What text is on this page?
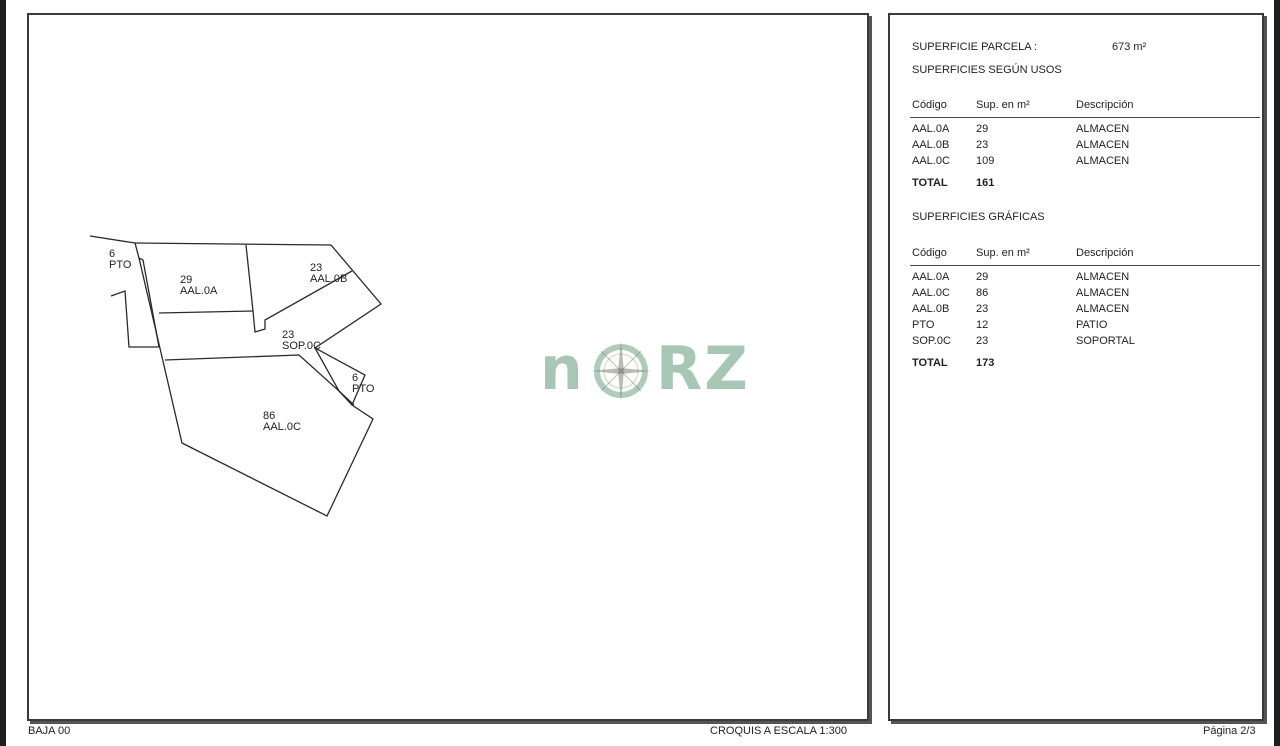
6
PTO
29
AAL.0A
23
AAL.0B
23
SOP.0C
6
PTO
86
AAL.0C
n RZ
SUPERFICIE PARCELA :	673 m²
SUPERFICIES SEGÚN USOS
Código	Sup. en m²	Descripción
AAL.0A 29	ALMACEN
AAL.0B 23	ALMACEN
AAL.0C 109	ALMACEN
TOTAL	161
SUPERFICIES GRÁFICAS
Código	Sup. en m²	Descripción
AAL.0A 29	ALMACEN
AAL.0C 86	ALMACEN
AAL.0B 23	ALMACEN
PTO	12	PATIO
SOP.0C 23	SOPORTAL
TOTAL	173
BAJA 00	CROQUIS A ESCALA 1:300	Página 2/3
